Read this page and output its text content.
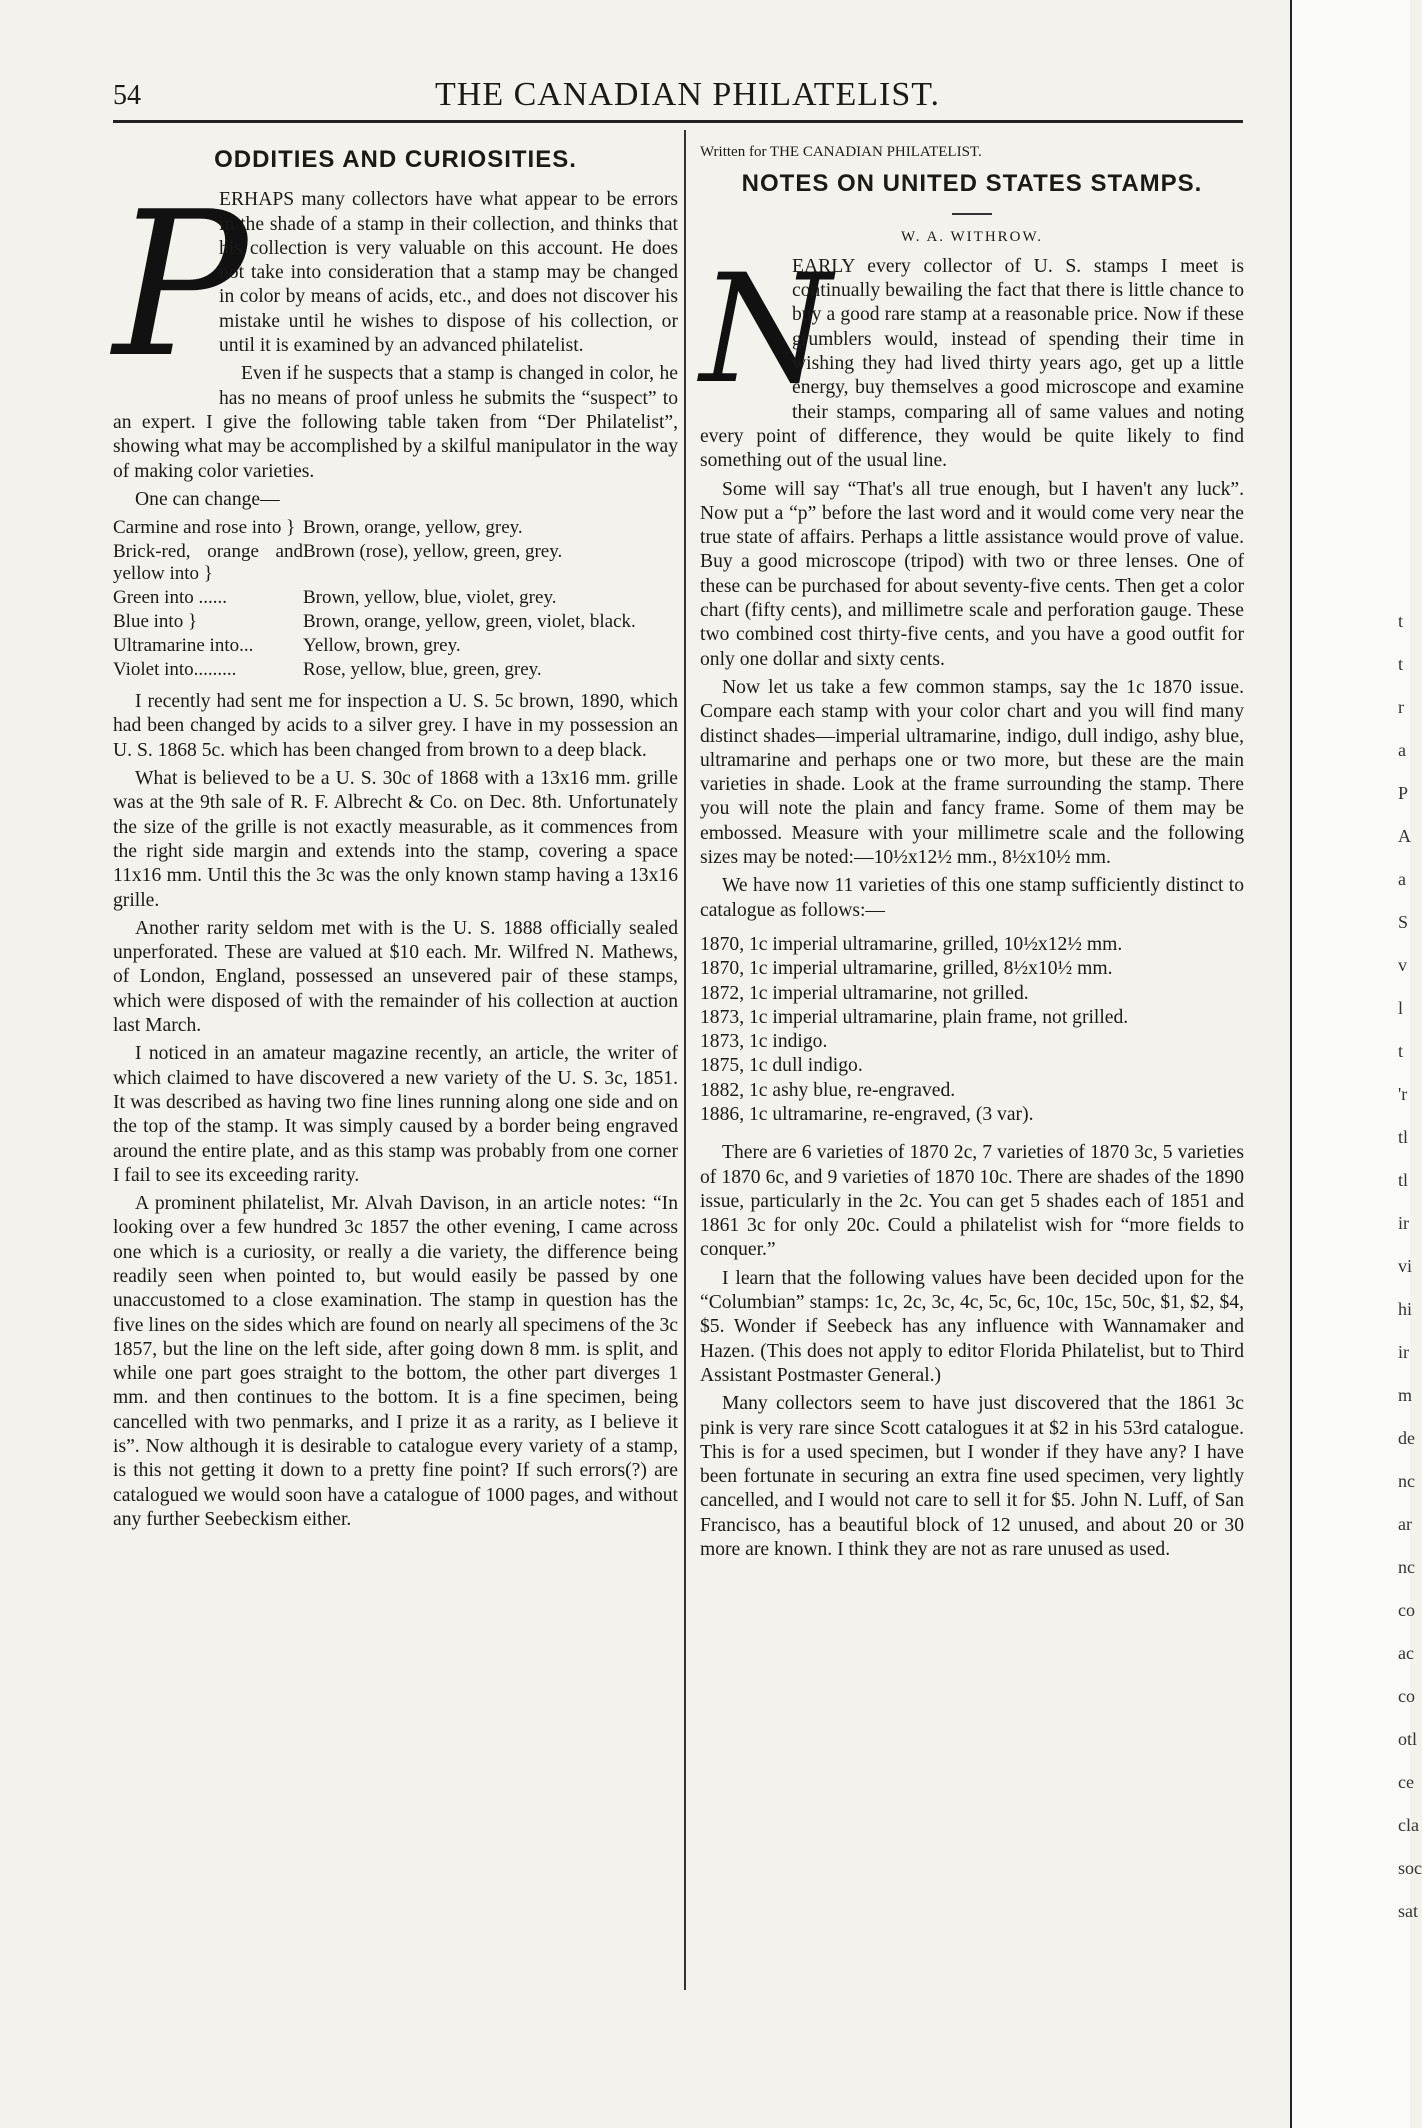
54	THE CANADIAN PHILATELIST.
ODDITIES AND CURIOSITIES.
P

ERHAPS many collectors have what appear to be errors in the shade of a stamp in their collection, and thinks that his collection is very valuable on this account. He does not take into consideration that a stamp may be changed in color by means of acids, etc., and does not discover his mistake until he wishes to dispose of his collection, or until it is examined by an advanced philatelist.

Even if he suspects that a stamp is changed in color, he has no means of proof unless he submits the “suspect” to an expert. I give the following table taken from “Der Philatelist”, showing what may be accomplished by a skilful manipulator in the way of making color varieties.

One can change—

Carmine and rose into }	Brown, orange, yellow, grey.
Brick-red, orange and yellow into }	Brown (rose), yellow, green, grey.
Green into ......	Brown, yellow, blue, violet, grey.
Blue into }	Brown, orange, yellow, green, violet, black.
Ultramarine into...	Yellow, brown, grey.
Violet into.........	Rose, yellow, blue, green, grey.

I recently had sent me for inspection a U. S. 5c brown, 1890, which had been changed by acids to a silver grey. I have in my possession an U. S. 1868 5c. which has been changed from brown to a deep black.

What is believed to be a U. S. 30c of 1868 with a 13x16 mm. grille was at the 9th sale of R. F. Albrecht & Co. on Dec. 8th. Unfortunately the size of the grille is not exactly measurable, as it commences from the right side margin and extends into the stamp, covering a space 11x16 mm. Until this the 3c was the only known stamp having a 13x16 grille.

Another rarity seldom met with is the U. S. 1888 officially sealed unperforated. These are valued at $10 each. Mr. Wilfred N. Mathews, of London, England, possessed an unsevered pair of these stamps, which were disposed of with the remainder of his collection at auction last March.

I noticed in an amateur magazine recently, an article, the writer of which claimed to have discovered a new variety of the U. S. 3c, 1851. It was described as having two fine lines running along one side and on the top of the stamp. It was simply caused by a border being engraved around the entire plate, and as this stamp was probably from one corner I fail to see its exceeding rarity.

A prominent philatelist, Mr. Alvah Davison, in an article notes: “In looking over a few hundred 3c 1857 the other evening, I came across one which is a curiosity, or really a die variety, the difference being readily seen when pointed to, but would easily be passed by one unaccustomed to a close examination. The stamp in question has the five lines on the sides which are found on nearly all specimens of the 3c 1857, but the line on the left side, after going down 8 mm. is split, and while one part goes straight to the bottom, the other part diverges 1 mm. and then continues to the bottom. It is a fine specimen, being cancelled with two penmarks, and I prize it as a rarity, as I believe it is”. Now although it is desirable to catalogue every variety of a stamp, is this not getting it down to a pretty fine point? If such errors(?) are catalogued we would soon have a catalogue of 1000 pages, and without any further Seebeckism either.

Written for THE CANADIAN PHILATELIST.
NOTES ON UNITED STATES STAMPS.
W. A. WITHROW.
N

EARLY every collector of U. S. stamps I meet is continually bewailing the fact that there is little chance to buy a good rare stamp at a reasonable price. Now if these grumblers would, instead of spending their time in wishing they had lived thirty years ago, get up a little energy, buy themselves a good microscope and examine their stamps, comparing all of same values and noting every point of difference, they would be quite likely to find something out of the usual line.

Some will say “That's all true enough, but I haven't any luck”. Now put a “p” before the last word and it would come very near the true state of affairs. Perhaps a little assistance would prove of value. Buy a good microscope (tripod) with two or three lenses. One of these can be purchased for about seventy-five cents. Then get a color chart (fifty cents), and millimetre scale and perforation gauge. These two combined cost thirty-five cents, and you have a good outfit for only one dollar and sixty cents.

Now let us take a few common stamps, say the 1c 1870 issue. Compare each stamp with your color chart and you will find many distinct shades—imperial ultramarine, indigo, dull indigo, ashy blue, ultramarine and perhaps one or two more, but these are the main varieties in shade. Look at the frame surrounding the stamp. There you will note the plain and fancy frame. Some of them may be embossed. Measure with your millimetre scale and the following sizes may be noted:—10½x12½ mm., 8½x10½ mm.

We have now 11 varieties of this one stamp sufficiently distinct to catalogue as follows:—

1870, 1c imperial ultramarine, grilled, 10½x12½ mm.
1870, 1c imperial ultramarine, grilled, 8½x10½ mm.
1872, 1c imperial ultramarine, not grilled.
1873, 1c imperial ultramarine, plain frame, not grilled.
1873, 1c indigo.
1875, 1c dull indigo.
1882, 1c ashy blue, re-engraved.
1886, 1c ultramarine, re-engraved, (3 var).

There are 6 varieties of 1870 2c, 7 varieties of 1870 3c, 5 varieties of 1870 6c, and 9 varieties of 1870 10c. There are shades of the 1890 issue, particularly in the 2c. You can get 5 shades each of 1851 and 1861 3c for only 20c. Could a philatelist wish for “more fields to conquer.”

I learn that the following values have been decided upon for the “Columbian” stamps: 1c, 2c, 3c, 4c, 5c, 6c, 10c, 15c, 50c, $1, $2, $4, $5. Wonder if Seebeck has any influence with Wannamaker and Hazen. (This does not apply to editor Florida Philatelist, but to Third Assistant Postmaster General.)

Many collectors seem to have just discovered that the 1861 3c pink is very rare since Scott catalogues it at $2 in his 53rd catalogue. This is for a used specimen, but I wonder if they have any? I have been fortunate in securing an extra fine used specimen, very lightly cancelled, and I would not care to sell it for $5. John N. Luff, of San Francisco, has a beautiful block of 12 unused, and about 20 or 30 more are known. I think they are not as rare unused as used.

t
t
r
a
P
A
a
S
v
l
t
'r
tl
tl
ir
vi
hi
ir
m
de
nc
ar
nc
co
ac
co
otl
ce
cla
soc
sat
